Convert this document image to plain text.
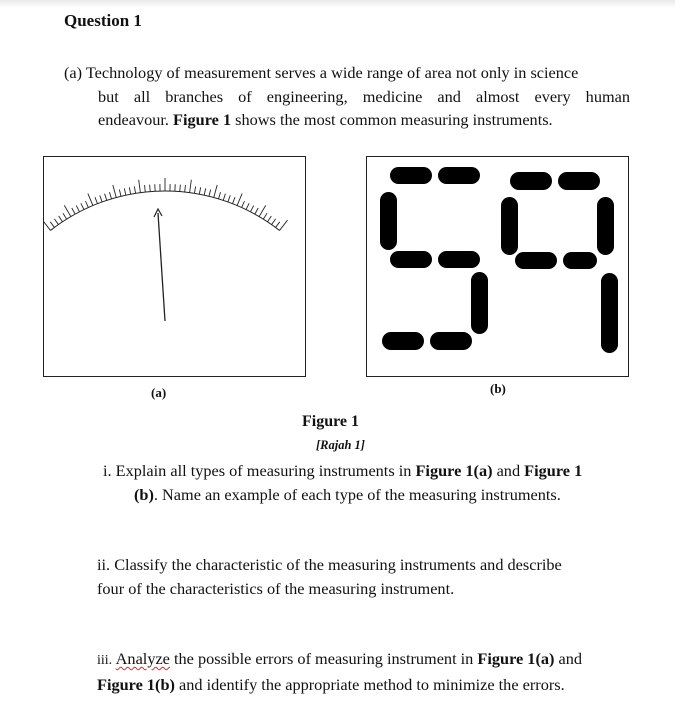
Question 1
(a) Technology of measurement serves a wide range of area not only in science
but all branches of engineering, medicine and almost every human
endeavour. Figure 1 shows the most common measuring instruments.
(a)	(b)
Figure 1
[Rajah 1]
i. Explain all types of measuring instruments in Figure 1(a) and Figure 1
(b). Name an example of each type of the measuring instruments.
ii. Classify the characteristic of the measuring instruments and describe
four of the characteristics of the measuring instrument.
iii. Analyze the possible errors of measuring instrument in Figure 1(a) and
Figure 1(b) and identify the appropriate method to minimize the errors.
